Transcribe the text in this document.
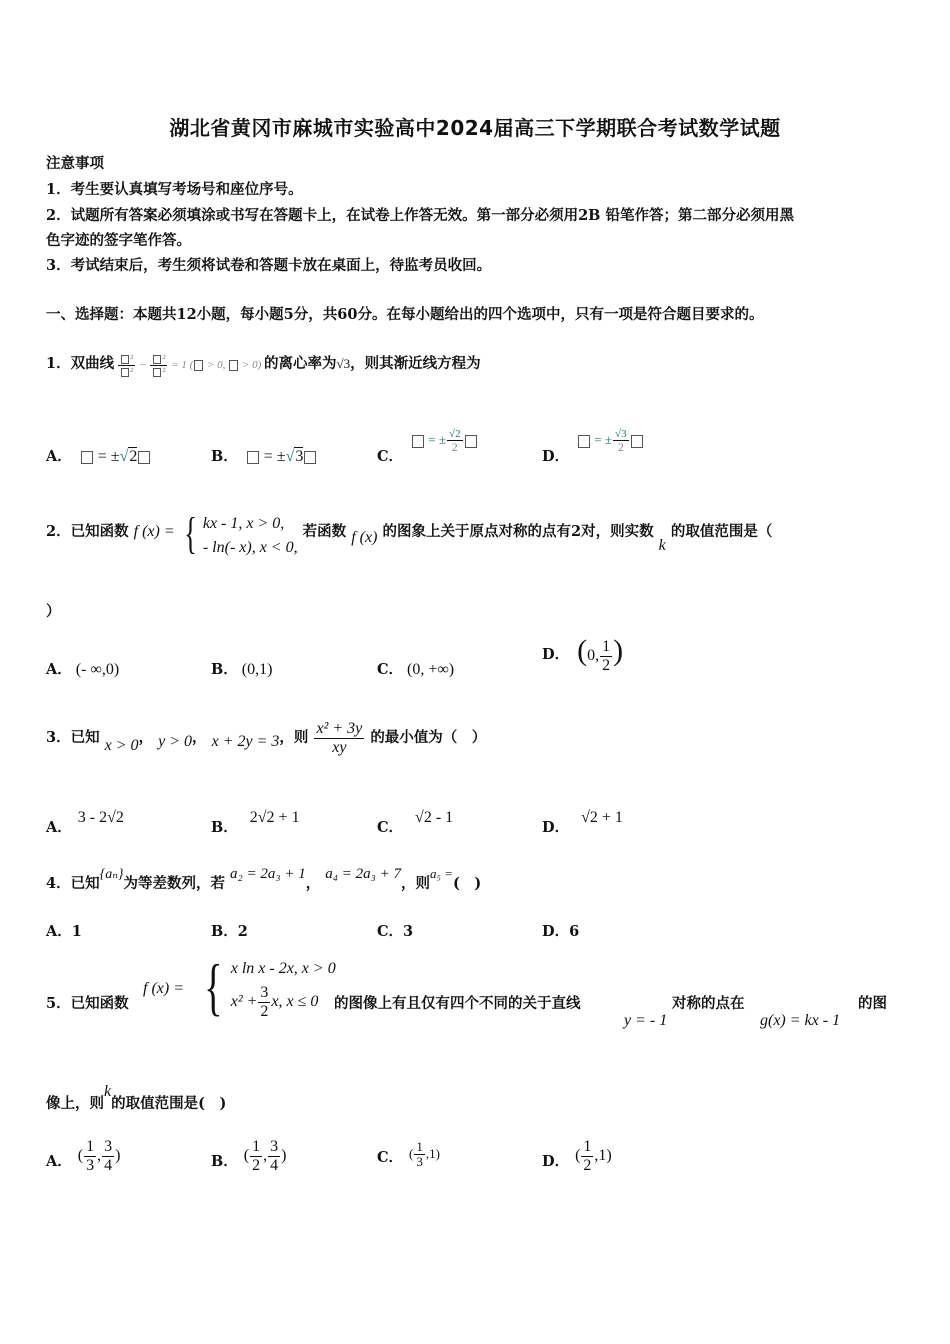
湖北省黄冈市麻城市实验高中2024届高三下学期联合考试数学试题
注意事项
1．考生要认真填写考场号和座位序号。
2．试题所有答案必须填涂或书写在答题卡上，在试卷上作答无效。第一部分必须用2B 铅笔作答；第二部分必须用黑
色字迹的签字笔作答。
3．考试结束后，考生须将试卷和答题卡放在桌面上，待监考员收回。
一、选择题：本题共12小题，每小题5分，共60分。在每小题给出的四个选项中，只有一项是符合题目要求的。
1．双曲线 $\frac{\text{²}}{\text{²}} - \frac{\text{²}}{\text{²}} = 1$ ( > 0, > 0) 的离心率为√3，则其渐近线方程为
A． = ±√2	B． = ±√3	C． = ± $\frac{√2}{2}$
D． = ± $\frac{√3}{2}$
2．已知函数 f (x) = { kx - 1, x > 0,
- ln(- x), x < 0,
若函数 f (x) 的图象上关于原点对称的点有2对，则实数 k 的取值范围是（
）
A． (- ∞,0)	B． (0,1)	C． (0, +∞)
D． (0, $\frac{1}{2}$ )
3．已知 x > 0， y > 0， x + 2y = 3，则 $\frac{\text{x² + 3y}}{xy}$ 的最小值为（　）
A．3 - 2√2
B．2√2 + 1
C．√2 - 1
D．√2 + 1
4．已知{aₙ}为等差数列，若 a₂ = 2a₃ + 1， a₄ = 2a₃ + 7，则a₅ =(　)
A．1	B．2	C．3	D．6
5．已知函数
f (x) = { x ln x - 2x, x > 0
$x^2 + \frac{3}{2} x$, x ≤ 0	的图像上有且仅有四个不同的关于直线
y = - 1
对称的点在
g(x) = kx - 1
的图
像上，则k的取值范围是(　)
A． ( $\frac{1}{3}$ , $\frac{3}{4}$ )	B． ( $\frac{1}{2}$ , $\frac{3}{4}$ )	C． ( $\frac{1}{3} ,1$)	D． ( $\frac{1}{2} ,1$)
